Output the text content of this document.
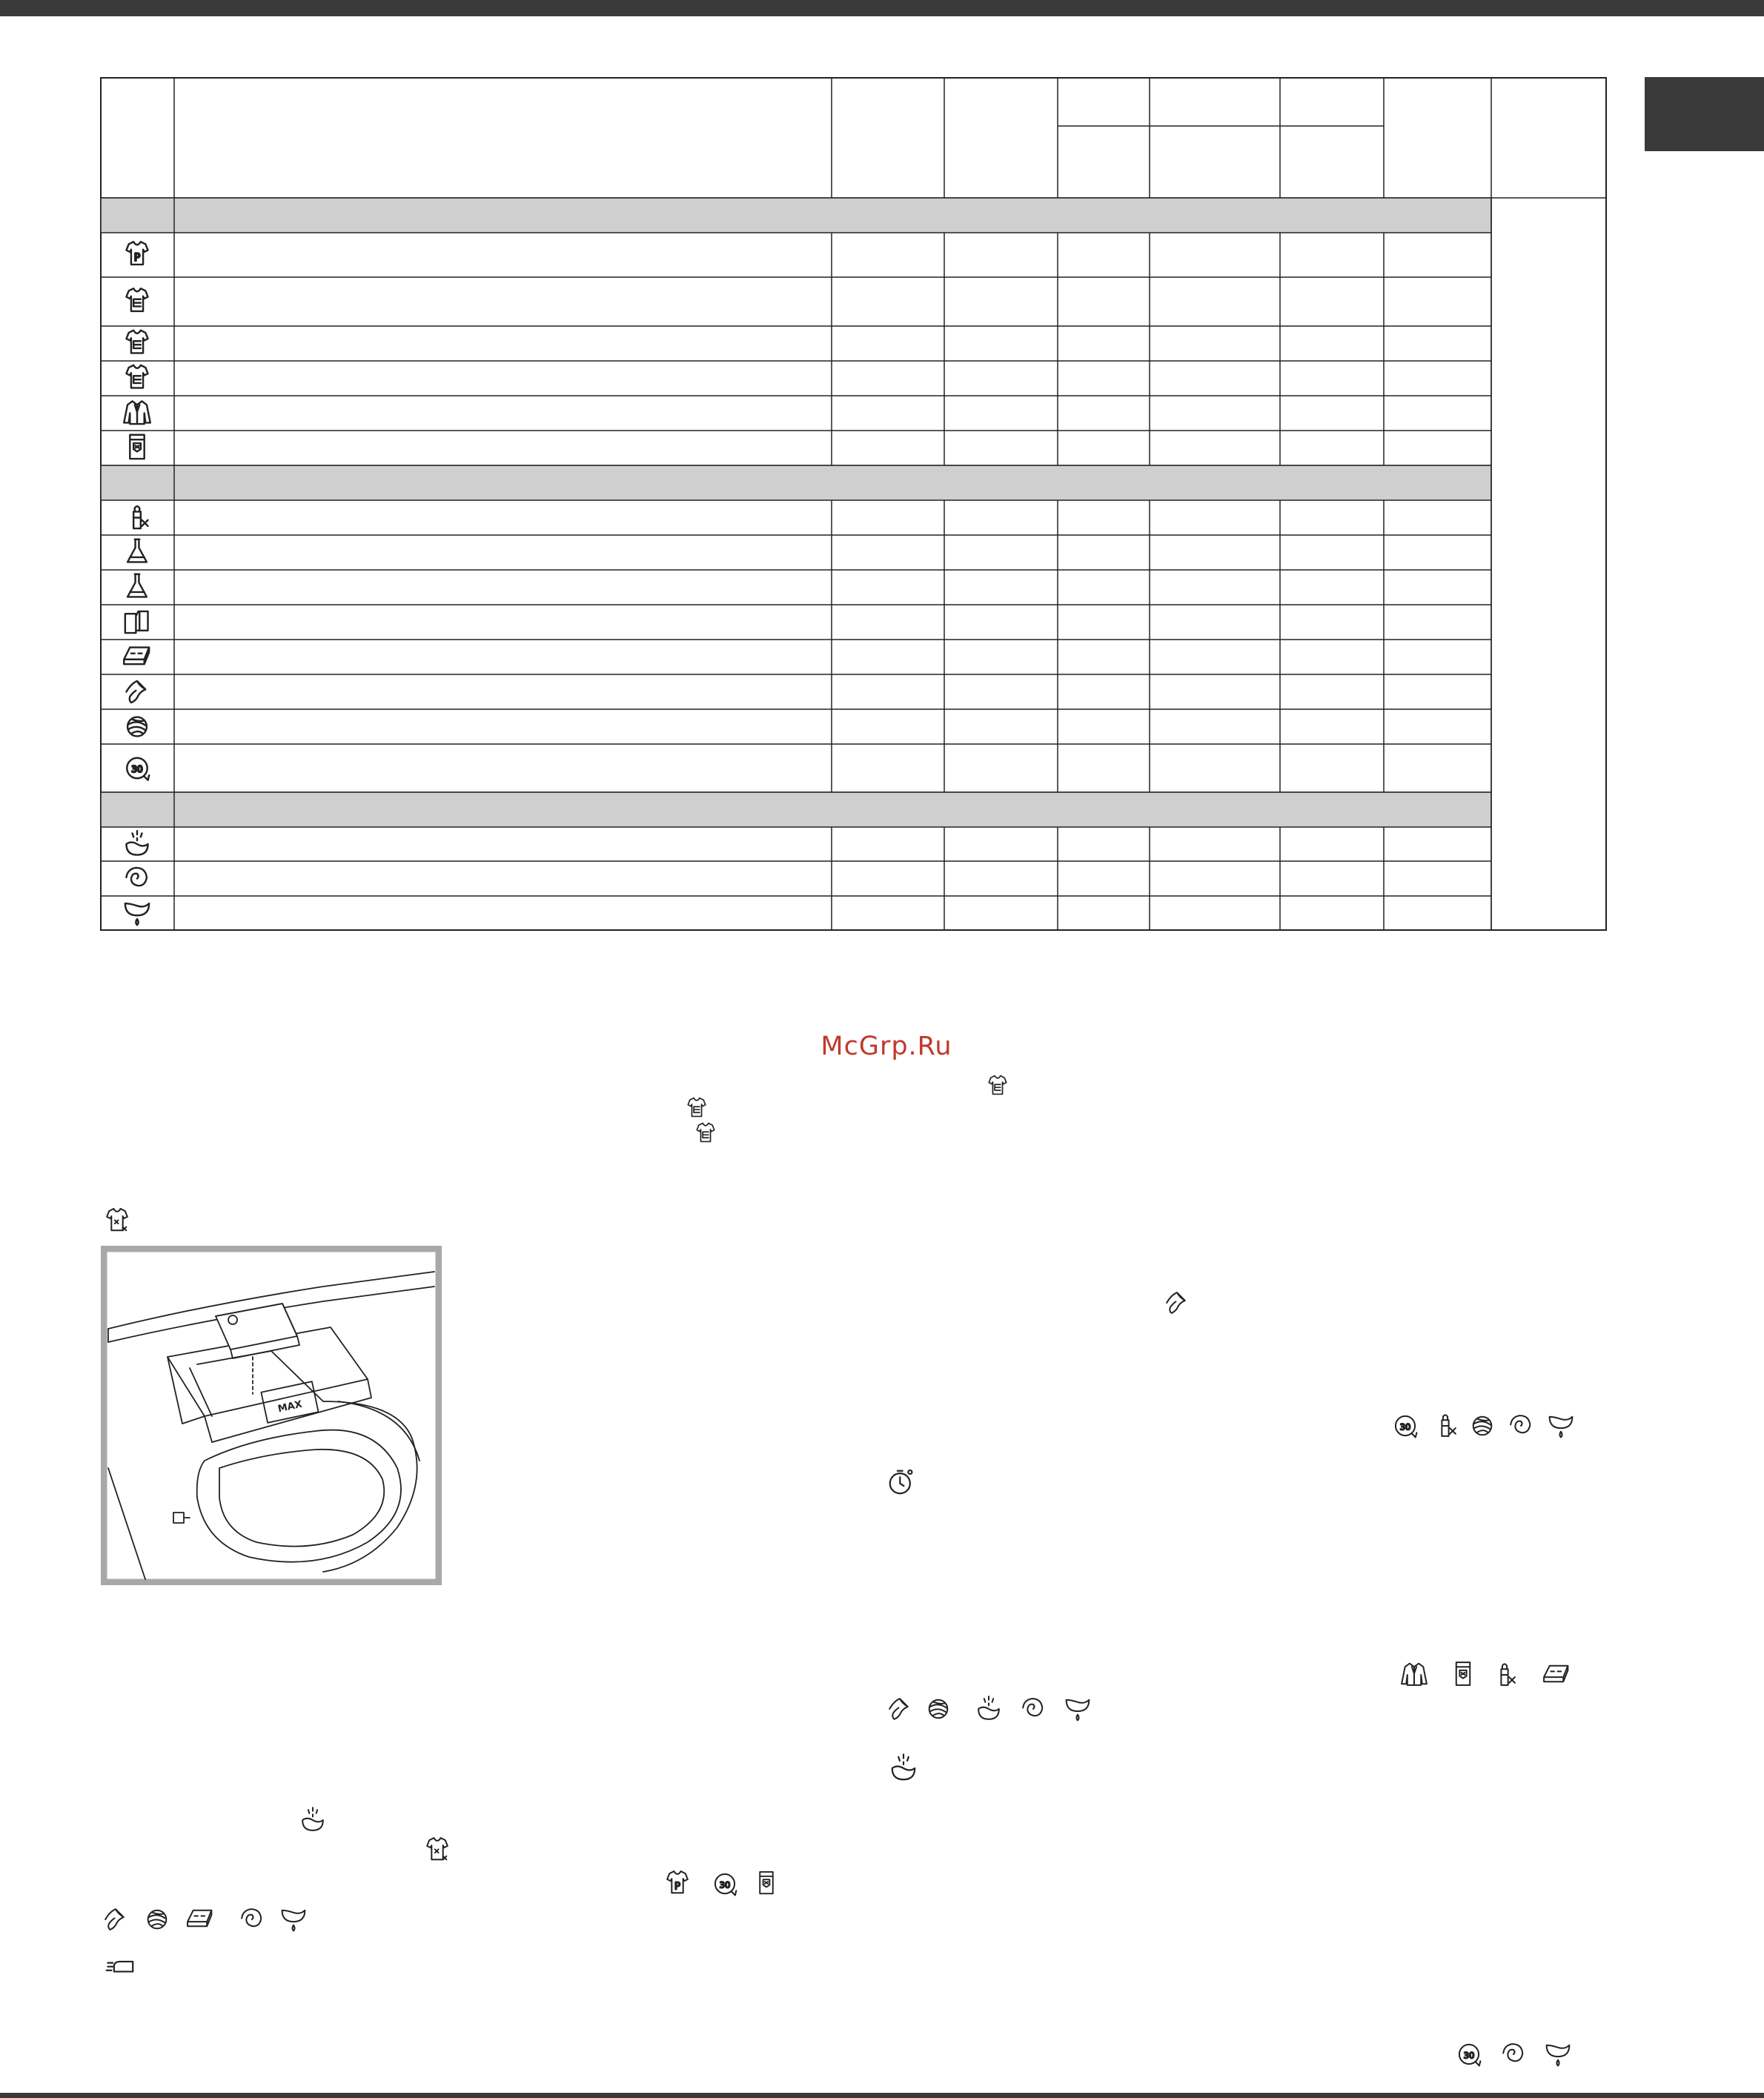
McGrp.Ru
MAX
